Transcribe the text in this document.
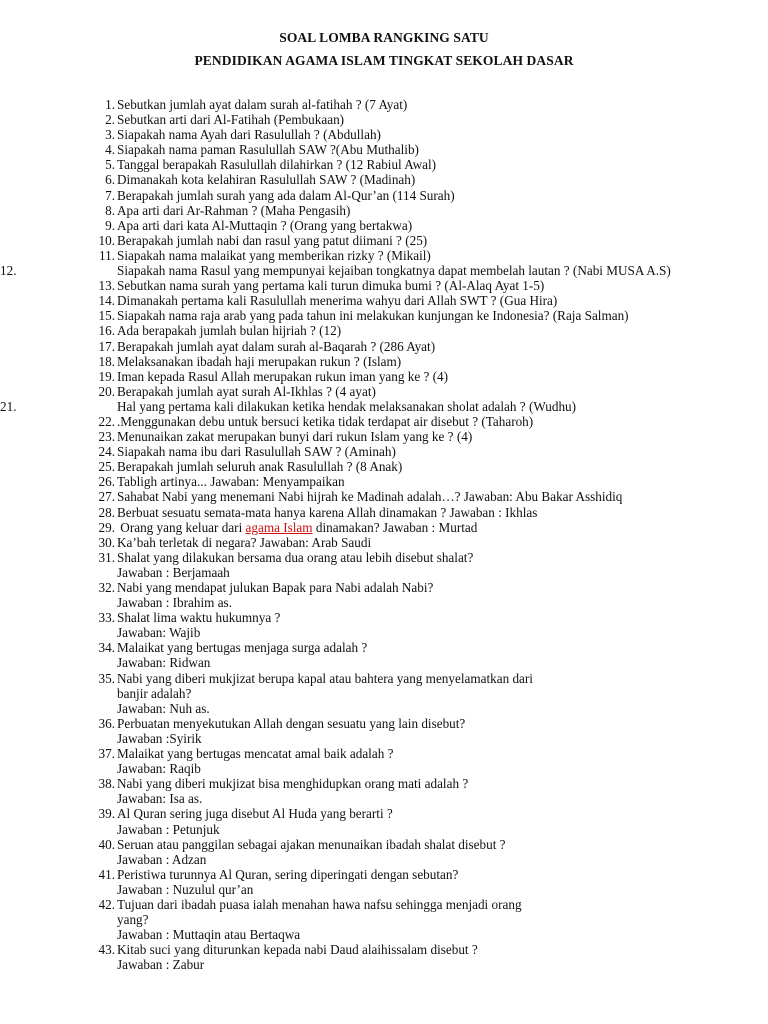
SOAL LOMBA RANGKING SATU
PENDIDIKAN AGAMA ISLAM TINGKAT SEKOLAH DASAR
1. Sebutkan jumlah ayat dalam surah al-fatihah ? (7 Ayat)
2. Sebutkan arti dari Al-Fatihah (Pembukaan)
3. Siapakah nama Ayah dari Rasulullah ? (Abdullah)
4. Siapakah nama paman Rasulullah SAW ?(Abu Muthalib)
5. Tanggal berapakah Rasulullah dilahirkan ? (12 Rabiul Awal)
6. Dimanakah kota kelahiran Rasulullah SAW ? (Madinah)
7. Berapakah jumlah surah yang ada dalam Al-Qur’an (114 Surah)
8. Apa arti dari Ar-Rahman ? (Maha Pengasih)
9. Apa arti dari kata Al-Muttaqin ? (Orang yang bertakwa)
10. Berapakah jumlah nabi dan rasul yang patut diimani ? (25)
11. Siapakah nama malaikat yang memberikan rizky ? (Mikail)
12.	Siapakah nama Rasul yang mempunyai kejaiban tongkatnya dapat membelah lautan ? (Nabi MUSA A.S)
13. Sebutkan nama surah yang pertama kali turun dimuka bumi ? (Al-Alaq Ayat 1-5)
14. Dimanakah pertama kali Rasulullah menerima wahyu dari Allah SWT ? (Gua Hira)
15. Siapakah nama raja arab yang pada tahun ini melakukan kunjungan ke Indonesia? (Raja Salman)
16. Ada berapakah jumlah bulan hijriah ? (12)
17. Berapakah jumlah ayat dalam surah al-Baqarah ? (286 Ayat)
18. Melaksanakan ibadah haji merupakan rukun ? (Islam)
19. Iman kepada Rasul Allah merupakan rukun iman yang ke ? (4)
20. Berapakah jumlah ayat surah Al-Ikhlas ? (4 ayat)
21.	Hal yang pertama kali dilakukan ketika hendak melaksanakan sholat adalah ? (Wudhu)
22. .Menggunakan debu untuk bersuci ketika tidak terdapat air disebut ? (Taharoh)
23. Menunaikan zakat merupakan bunyi dari rukun Islam yang ke ? (4)
24. Siapakah nama ibu dari Rasulullah SAW ? (Aminah)
25. Berapakah jumlah seluruh anak Rasulullah ? (8 Anak)
26. Tabligh artinya... Jawaban: Menyampaikan
27. Sahabat Nabi yang menemani Nabi hijrah ke Madinah adalah…? Jawaban: Abu Bakar Asshidiq
28. Berbuat sesuatu semata-mata hanya karena Allah dinamakan ? Jawaban : Ikhlas
29. Orang yang keluar dari agama Islam dinamakan? Jawaban : Murtad
30. Ka’bah terletak di negara? Jawaban: Arab Saudi
31. Shalat yang dilakukan bersama dua orang atau lebih disebut shalat?
Jawaban : Berjamaah
32. Nabi yang mendapat julukan Bapak para Nabi adalah Nabi?
Jawaban : Ibrahim as.
33. Shalat lima waktu hukumnya ?
Jawaban: Wajib
34. Malaikat yang bertugas menjaga surga adalah ?
Jawaban: Ridwan
35. Nabi yang diberi mukjizat berupa kapal atau bahtera yang menyelamatkan dari
banjir adalah?
Jawaban: Nuh as.
36. Perbuatan menyekutukan Allah dengan sesuatu yang lain disebut?
Jawaban :Syirik
37. Malaikat yang bertugas mencatat amal baik adalah ?
Jawaban: Raqib
38. Nabi yang diberi mukjizat bisa menghidupkan orang mati adalah ?
Jawaban: Isa as.
39. Al Quran sering juga disebut Al Huda yang berarti ?
Jawaban : Petunjuk
40. Seruan atau panggilan sebagai ajakan menunaikan ibadah shalat disebut ?
Jawaban : Adzan
41. Peristiwa turunnya Al Quran, sering diperingati dengan sebutan?
Jawaban : Nuzulul qur’an
42. Tujuan dari ibadah puasa ialah menahan hawa nafsu sehingga menjadi orang
yang?
Jawaban : Muttaqin atau Bertaqwa
43. Kitab suci yang diturunkan kepada nabi Daud alaihissalam disebut ?
Jawaban : Zabur
